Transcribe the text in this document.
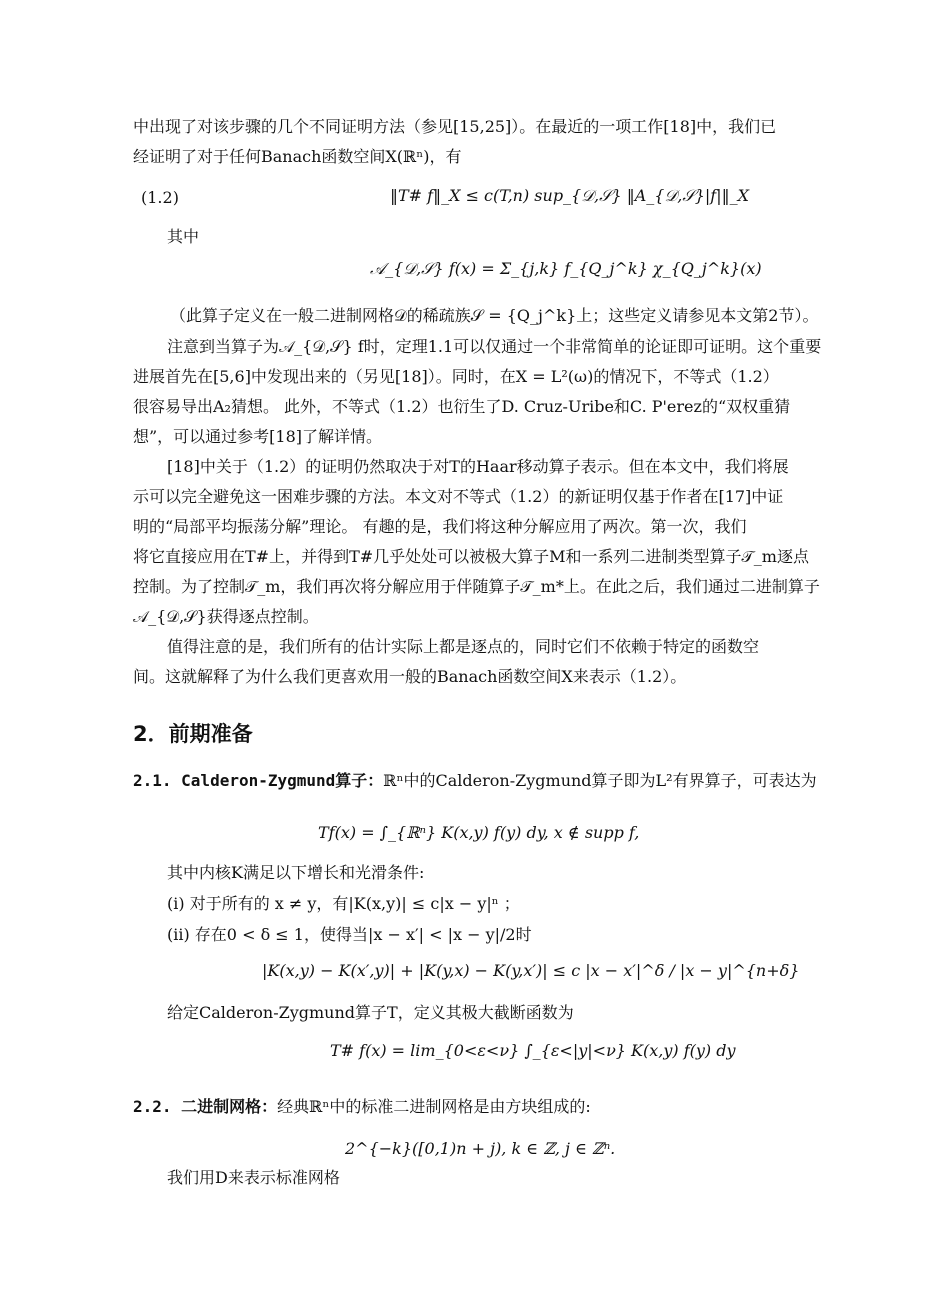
中出现了对该步骤的几个不同证明方法（参见[15,25]）。在最近的一项工作[18]中，我们已
经证明了对于任何Banach函数空间X(ℝⁿ)，有
(1.2)	‖T# f‖_X ≤ c(T,n) sup_{𝒟,𝒮} ‖A_{𝒟,𝒮}|f|‖_X
其中
𝒜_{𝒟,𝒮} f(x) = Σ_{j,k} f_{Q_j^k} χ_{Q_j^k}(x)
（此算子定义在一般二进制网格𝒟的稀疏族𝒮 = {Q_j^k}上；这些定义请参见本文第2节）。
注意到当算子为𝒜_{𝒟,𝒮} f时，定理1.1可以仅通过一个非常简单的论证即可证明。这个重要
进展首先在[5,6]中发现出来的（另见[18]）。同时，在X = L²(ω)的情况下，不等式（1.2）
很容易导出A₂猜想。 此外，不等式（1.2）也衍生了D. Cruz-Uribe和C. P'erez的“双权重猜
想”，可以通过参考[18]了解详情。
[18]中关于（1.2）的证明仍然取决于对T的Haar移动算子表示。但在本文中，我们将展
示可以完全避免这一困难步骤的方法。本文对不等式（1.2）的新证明仅基于作者在[17]中证
明的“局部平均振荡分解”理论。 有趣的是，我们将这种分解应用了两次。第一次，我们
将它直接应用在T#上，并得到T#几乎处处可以被极大算子M和一系列二进制类型算子𝒯_m逐点
控制。为了控制𝒯_m，我们再次将分解应用于伴随算子𝒯_m*上。在此之后，我们通过二进制算子
𝒜_{𝒟,𝒮}获得逐点控制。
值得注意的是，我们所有的估计实际上都是逐点的，同时它们不依赖于特定的函数空
间。这就解释了为什么我们更喜欢用一般的Banach函数空间X来表示（1.2）。
2．前期准备
2.1. Calderon-Zygmund算子：ℝⁿ中的Calderon-Zygmund算子即为L²有界算子，可表达为
Tf(x) = ∫_{ℝⁿ} K(x,y) f(y) dy, x ∉ supp f,
其中内核K满足以下增长和光滑条件:
(i) 对于所有的 x ≠ y，有|K(x,y)| ≤ c|x − y|ⁿ ；
(ii) 存在0 < δ ≤ 1，使得当|x − x′| < |x − y|/2时
|K(x,y) − K(x′,y)| + |K(y,x) − K(y,x′)| ≤ c |x − x′|^δ / |x − y|^{n+δ}
给定Calderon-Zygmund算子T，定义其极大截断函数为
T# f(x) = lim_{0<ε<ν} ∫_{ε<|y|<ν} K(x,y) f(y) dy
2.2. 二进制网格：经典ℝⁿ中的标准二进制网格是由方块组成的:
2^{−k}([0,1)n + j), k ∈ ℤ, j ∈ ℤⁿ.
我们用D来表示标准网格
